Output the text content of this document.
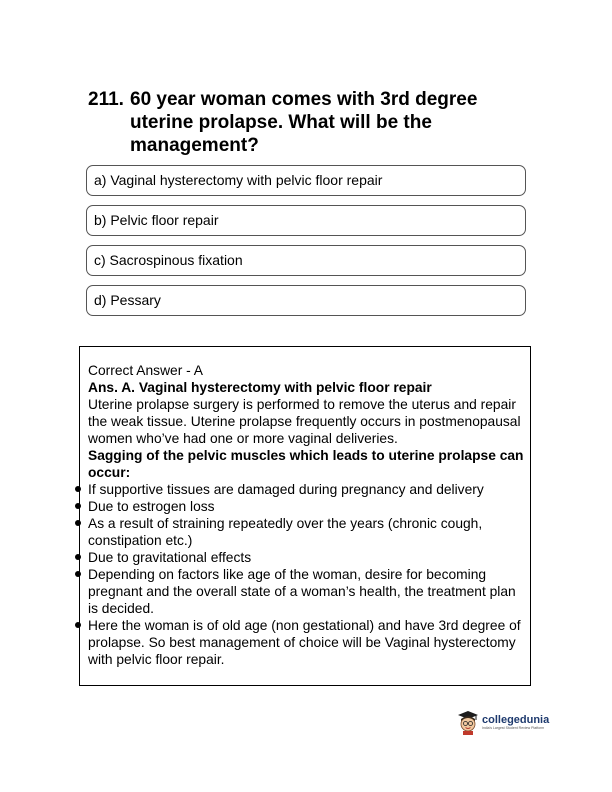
211. 60 year woman comes with 3rd degree uterine prolapse. What will be the management?
a) Vaginal hysterectomy with pelvic floor repair
b) Pelvic floor repair
c) Sacrospinous fixation
d) Pessary
Correct Answer - A
Ans. A. Vaginal hysterectomy with pelvic floor repair
Uterine prolapse surgery is performed to remove the uterus and repair the weak tissue. Uterine prolapse frequently occurs in postmenopausal women who’ve had one or more vaginal deliveries.
Sagging of the pelvic muscles which leads to uterine prolapse can occur:
If supportive tissues are damaged during pregnancy and delivery
Due to estrogen loss
As a result of straining repeatedly over the years (chronic cough, constipation etc.)
Due to gravitational effects
Depending on factors like age of the woman, desire for becoming pregnant and the overall state of a woman’s health, the treatment plan is decided.
Here the woman is of old age (non gestational) and have 3rd degree of prolapse. So best management of choice will be Vaginal hysterectomy with pelvic floor repair.
collegedunia
India's Largest Student Review Platform
